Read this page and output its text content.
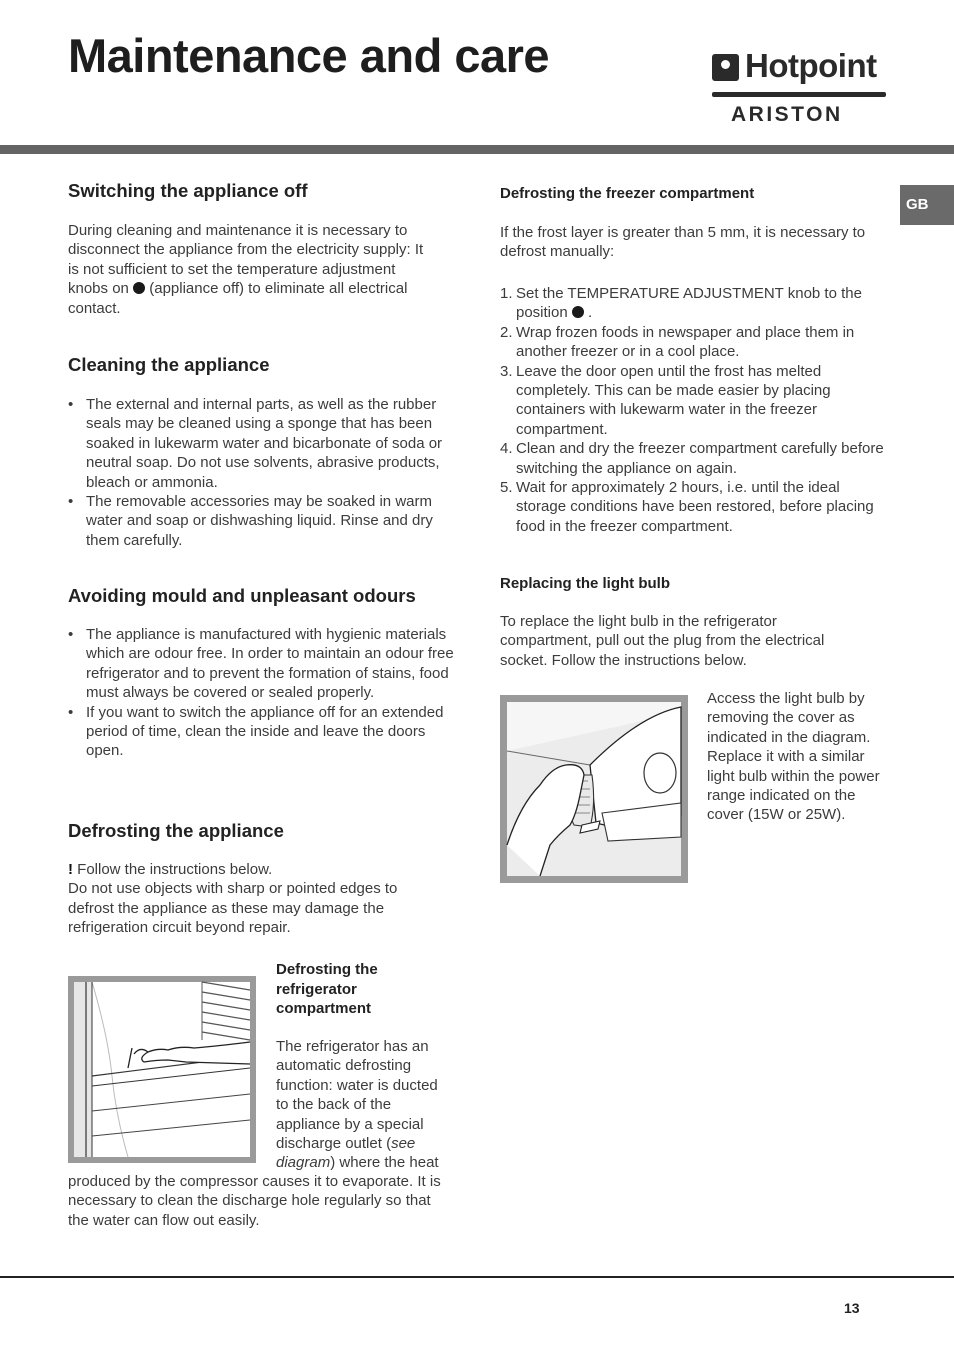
Maintenance and care	Hotpoint
ARISTON
GB
Switching the appliance off

During cleaning and maintenance it is necessary to disconnect the appliance from the electricity supply: It is not sufficient to set the temperature adjustment knobs on (appliance off) to eliminate all electrical contact.

Cleaning the appliance
• The external and internal parts, as well as the rubber seals may be cleaned using a sponge that has been soaked in lukewarm water and bicarbonate of soda or neutral soap. Do not use solvents, abrasive products, bleach or ammonia.
• The removable accessories may be soaked in warm water and soap or dishwashing liquid. Rinse and dry them carefully.
Avoiding mould and unpleasant odours
• The appliance is manufactured with hygienic materials which are odour free. In order to maintain an odour free refrigerator and to prevent the formation of stains, food must always be covered or sealed properly.
• If you want to switch the appliance off for an extended period of time, clean the inside and leave the doors open.
Defrosting the appliance

! Follow the instructions below.
Do not use objects with sharp or pointed edges to defrost the appliance as these may damage the refrigeration circuit beyond repair.

Defrosting the refrigerator compartment

The refrigerator has an automatic defrosting function: water is ducted to the back of the appliance by a special discharge outlet (see diagram) where the heat

produced by the compressor causes it to evaporate. It is necessary to clean the discharge hole regularly so that the water can flow out easily.

Defrosting the freezer compartment

If the frost layer is greater than 5 mm, it is necessary to defrost manually:

1. Set the TEMPERATURE ADJUSTMENT knob to the position .
2. Wrap frozen foods in newspaper and place them in another freezer or in a cool place.
3. Leave the door open until the frost has melted completely. This can be made easier by placing containers with lukewarm water in the freezer compartment.
4. Clean and dry the freezer compartment carefully before switching the appliance on again.
5. Wait for approximately 2 hours, i.e. until the ideal storage conditions have been restored, before placing food in the freezer compartment.
Replacing the light bulb

To replace the light bulb in the refrigerator compartment, pull out the plug from the electrical socket. Follow the instructions below.

Access the light bulb by removing the cover as indicated in the diagram. Replace it with a similar light bulb within the power range indicated on the cover (15W or 25W).

13
